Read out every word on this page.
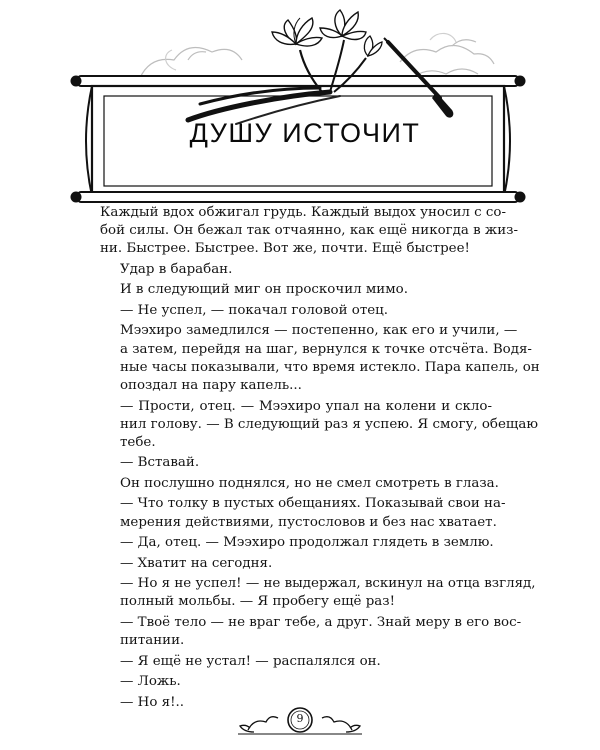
ДУШУ ИСТОЧИТ
Каждый вдох обжигал грудь. Каждый выдох уносил с со-
бой силы. Он бежал так отчаянно, как ещё никогда в жиз-
ни. Быстрее. Быстрее. Вот же, почти. Ещё быстрее!
Удар в барабан.
И в следующий миг он проскочил мимо.
— Не успел, — покачал головой отец.
Мээхиро замедлился — постепенно, как его и учили, —
а затем, перейдя на шаг, вернулся к точке отсчёта. Водя-
ные часы показывали, что время истекло. Пара капель, он
опоздал на пару капель...
— Прости, отец. — Мээхиро упал на колени и скло-
нил голову. — В следующий раз я успею. Я смогу, обещаю
тебе.
— Вставай.
Он послушно поднялся, но не смел смотреть в глаза.
— Что толку в пустых обещаниях. Показывай свои на-
мерения действиями, пустословов и без нас хватает.
— Да, отец. — Мээхиро продолжал глядеть в землю.
— Хватит на сегодня.
— Но я не успел! — не выдержал, вскинул на отца взгляд,
полный мольбы. — Я пробегу ещё раз!
— Твоё тело — не враг тебе, а друг. Знай меру в его вос-
питании.
— Я ещё не устал! — распалялся он.
— Ложь.
— Но я!..
9
